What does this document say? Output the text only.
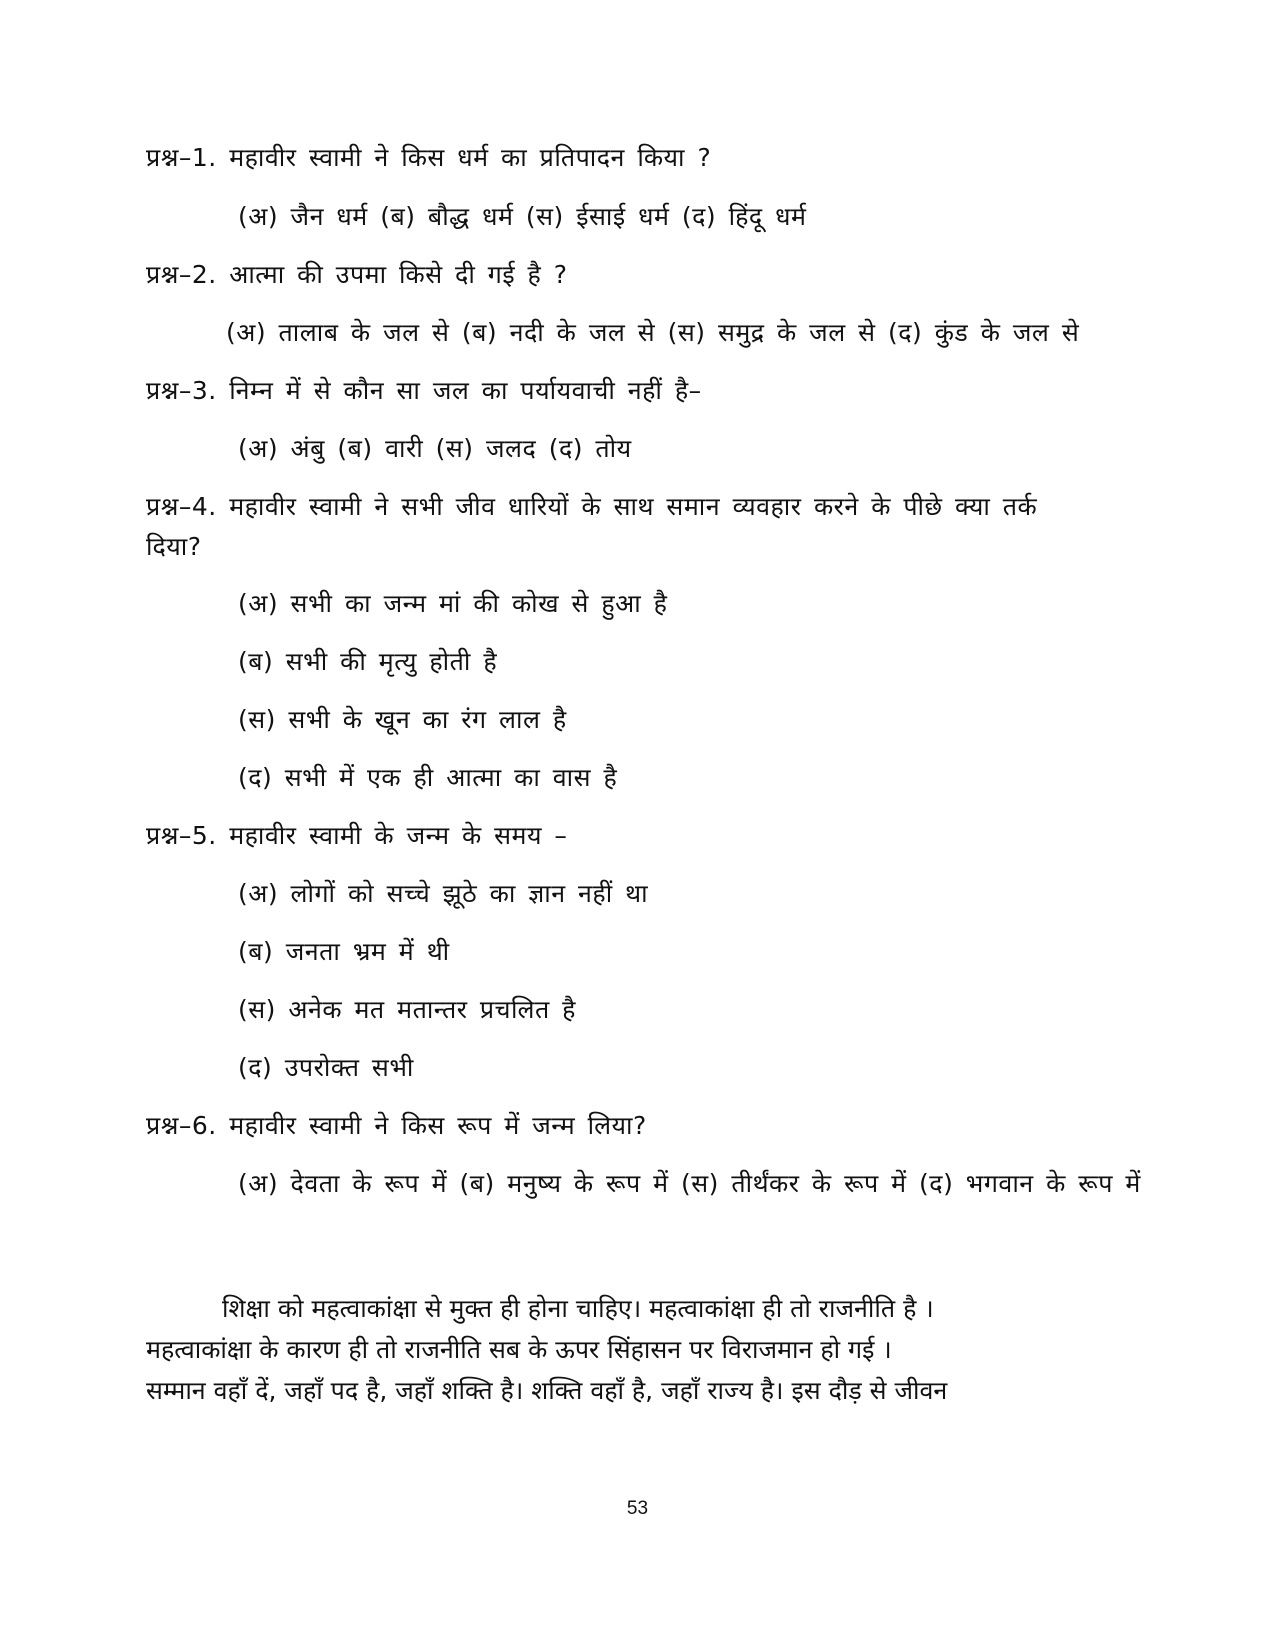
प्रश्न–1. महावीर स्वामी ने किस धर्म का प्रतिपादन किया ?
(अ) जैन धर्म (ब) बौद्ध धर्म (स) ईसाई धर्म (द) हिंदू धर्म
प्रश्न–2. आत्मा की उपमा किसे दी गई है ?
(अ) तालाब के जल से (ब) नदी के जल से (स) समुद्र के जल से (द) कुंड के जल से
प्रश्न–3. निम्न में से कौन सा जल का पर्यायवाची नहीं है–
(अ) अंबु (ब) वारी (स) जलद (द) तोय
प्रश्न–4. महावीर स्वामी ने सभी जीव धारियों के साथ समान व्यवहार करने के पीछे क्या तर्क
दिया?
(अ) सभी का जन्म मां की कोख से हुआ है
(ब) सभी की मृत्यु होती है
(स) सभी के खून का रंग लाल है
(द) सभी में एक ही आत्मा का वास है
प्रश्न–5. महावीर स्वामी के जन्म के समय –
(अ) लोगों को सच्चे झूठे का ज्ञान नहीं था
(ब) जनता भ्रम में थी
(स) अनेक मत मतान्तर प्रचलित है
(द) उपरोक्त सभी
प्रश्न–6. महावीर स्वामी ने किस रूप में जन्म लिया?
(अ) देवता के रूप में (ब) मनुष्य के रूप में (स) तीर्थंकर के रूप में (द) भगवान के रूप में
शिक्षा को महत्वाकांक्षा से मुक्त ही होना चाहिए। महत्वाकांक्षा ही तो राजनीति है ।
महत्वाकांक्षा के कारण ही तो राजनीति सब के ऊपर सिंहासन पर विराजमान हो गई ।
सम्मान वहाँ दें, जहाँ पद है, जहाँ शक्ति है। शक्ति वहाँ है, जहाँ राज्य है। इस दौड़ से जीवन
53
